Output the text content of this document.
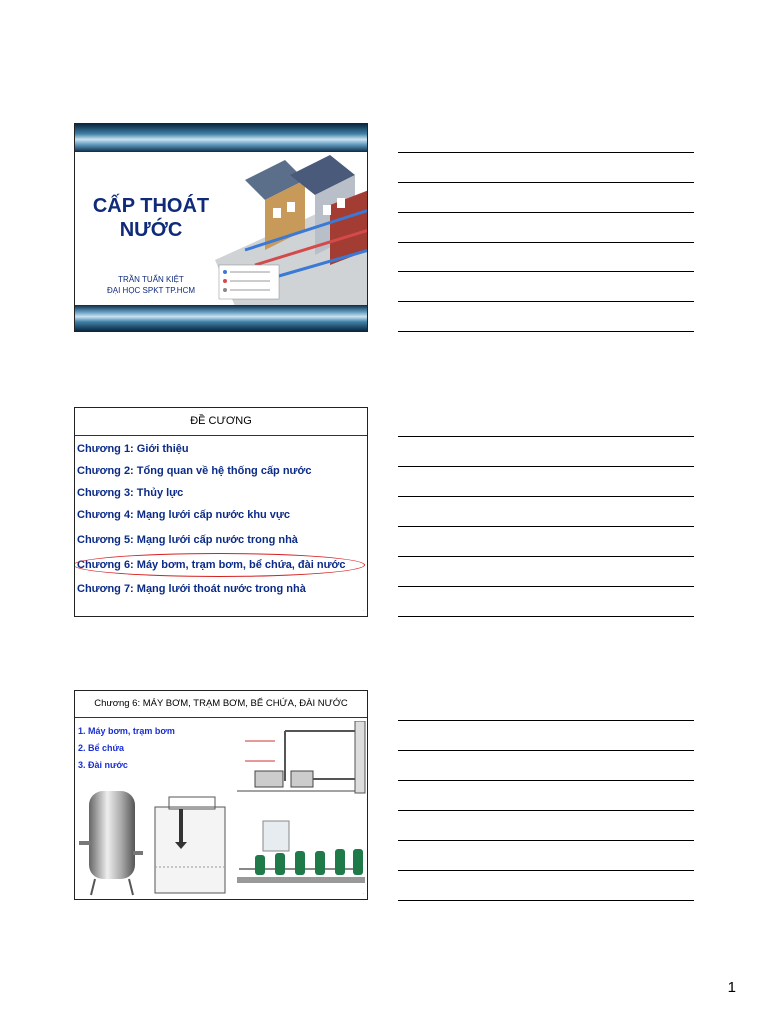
CẤP THOÁT
NƯỚC
TRẦN TUẤN KIỆT
ĐẠI HỌC SPKT TP.HCM
ĐỀ CƯƠNG
Chương 1: Giới thiệu
Chương 2: Tổng quan về hệ thống cấp nước
Chương 3: Thủy lực
Chương 4: Mạng lưới cấp nước khu vực
Chương 5: Mạng lưới cấp nước trong nhà
Chương 6: Máy bơm, trạm bơm, bể chứa, đài nước
Chương 7: Mạng lưới thoát nước trong nhà
·
Chương 6: MÁY BƠM, TRẠM BƠM, BỂ CHỨA, ĐÀI NƯỚC
1. Máy bơm, trạm bơm
2. Bể chứa
3. Đài nước
·
1
